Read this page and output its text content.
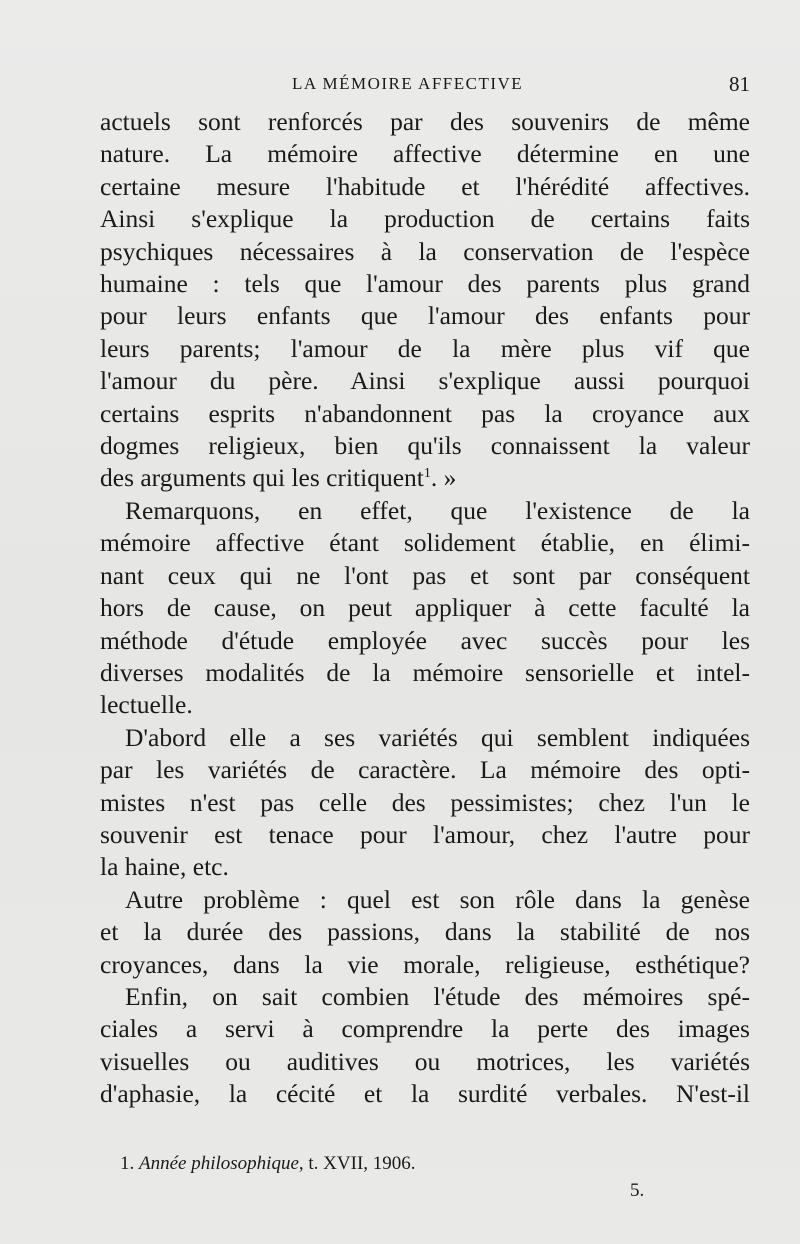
LA MÉMOIRE AFFECTIVE	81
actuels sont renforcés par des souvenirs de même
nature. La mémoire affective détermine en une
certaine mesure l'habitude et l'hérédité affectives.
Ainsi s'explique la production de certains faits
psychiques nécessaires à la conservation de l'espèce
humaine : tels que l'amour des parents plus grand
pour leurs enfants que l'amour des enfants pour
leurs parents; l'amour de la mère plus vif que
l'amour du père. Ainsi s'explique aussi pourquoi
certains esprits n'abandonnent pas la croyance aux
dogmes religieux, bien qu'ils connaissent la valeur
des arguments qui les critiquent$^1$. »
Remarquons, en effet, que l'existence de la
mémoire affective étant solidement établie, en élimi-
nant ceux qui ne l'ont pas et sont par conséquent
hors de cause, on peut appliquer à cette faculté la
méthode d'étude employée avec succès pour les
diverses modalités de la mémoire sensorielle et intel-
lectuelle.
D'abord elle a ses variétés qui semblent indiquées
par les variétés de caractère. La mémoire des opti-
mistes n'est pas celle des pessimistes; chez l'un le
souvenir est tenace pour l'amour, chez l'autre pour
la haine, etc.
Autre problème : quel est son rôle dans la genèse
et la durée des passions, dans la stabilité de nos
croyances, dans la vie morale, religieuse, esthétique?
Enfin, on sait combien l'étude des mémoires spé-
ciales a servi à comprendre la perte des images
visuelles ou auditives ou motrices, les variétés
d'aphasie, la cécité et la surdité verbales. N'est-il
1. Année philosophique, t. XVII, 1906.
5.
